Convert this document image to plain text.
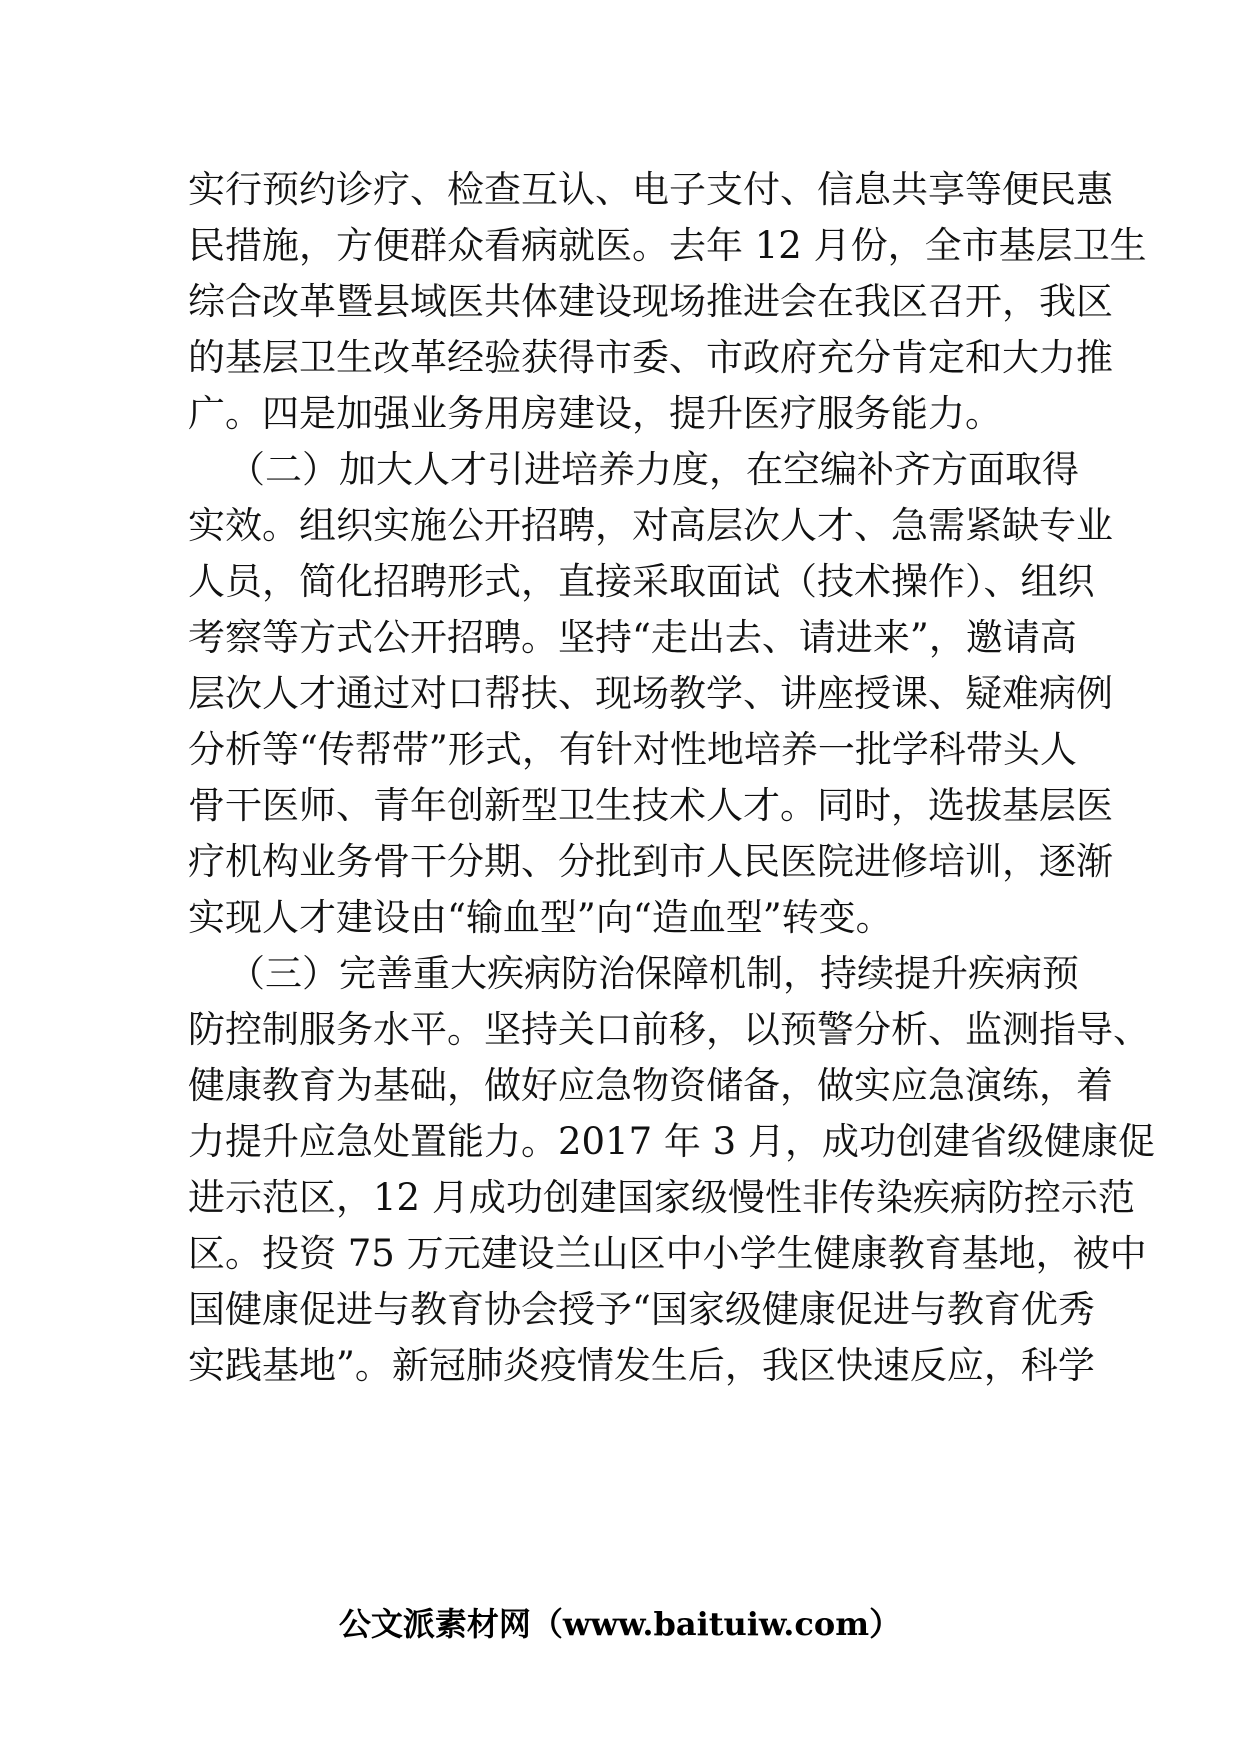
实行预约诊疗、检查互认、电子支付、信息共享等便民惠
民措施，方便群众看病就医。去年 12 月份，全市基层卫生
综合改革暨县域医共体建设现场推进会在我区召开，我区
的基层卫生改革经验获得市委、市政府充分肯定和大力推
广。四是加强业务用房建设，提升医疗服务能力。
（二）加大人才引进培养力度，在空编补齐方面取得
实效。组织实施公开招聘，对高层次人才、急需紧缺专业
人员，简化招聘形式，直接采取面试（技术操作）、组织
考察等方式公开招聘。坚持“走出去、请进来”，邀请高
层次人才通过对口帮扶、现场教学、讲座授课、疑难病例
分析等“传帮带”形式，有针对性地培养一批学科带头人
骨干医师、青年创新型卫生技术人才。同时，选拔基层医
疗机构业务骨干分期、分批到市人民医院进修培训，逐渐
实现人才建设由“输血型”向“造血型”转变。
（三）完善重大疾病防治保障机制，持续提升疾病预
防控制服务水平。坚持关口前移，以预警分析、监测指导、
健康教育为基础，做好应急物资储备，做实应急演练，着
力提升应急处置能力。2017 年 3 月，成功创建省级健康促
进示范区，12 月成功创建国家级慢性非传染疾病防控示范
区。投资 75 万元建设兰山区中小学生健康教育基地，被中
国健康促进与教育协会授予“国家级健康促进与教育优秀
实践基地”。新冠肺炎疫情发生后，我区快速反应，科学
公文派素材网（www.baituiw.com）
